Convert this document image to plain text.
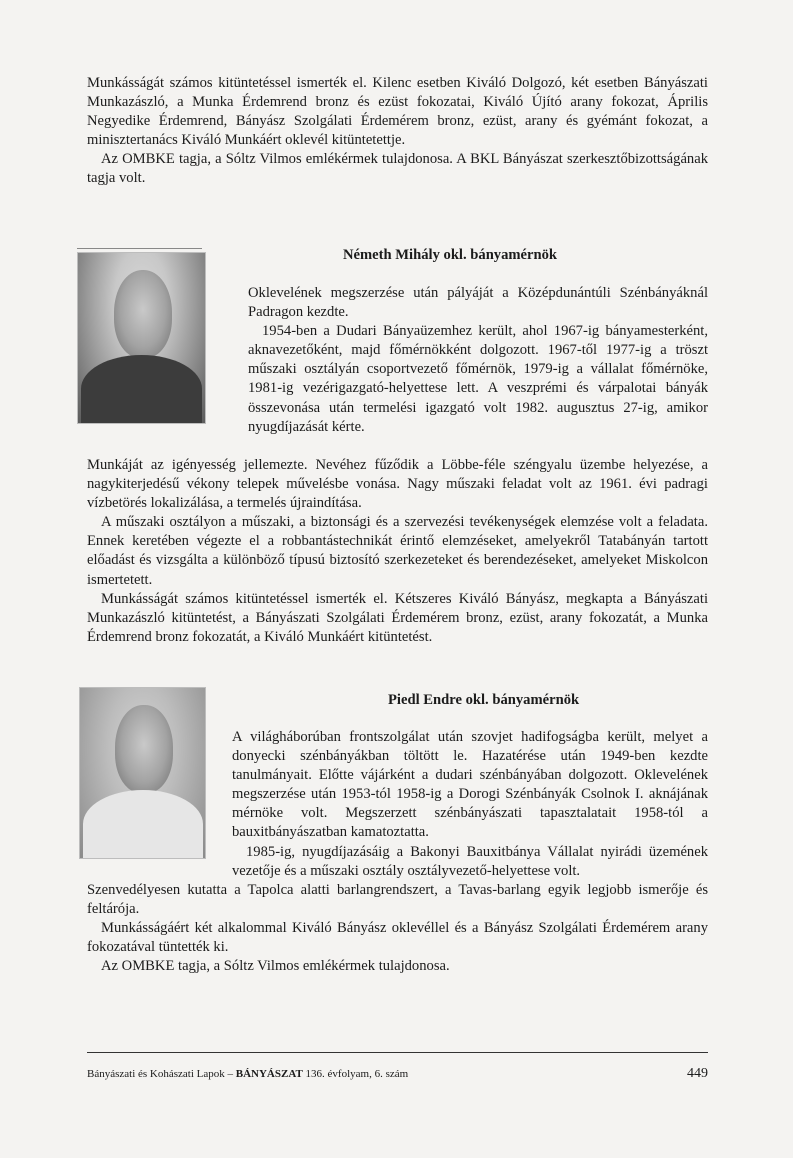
Munkásságát számos kitüntetéssel ismerték el. Kilenc esetben Kiváló Dolgozó, két esetben Bányászati Munkazászló, a Munka Érdemrend bronz és ezüst fokozatai, Kiváló Újító arany fokozat, Április Negyedike Érdemrend, Bányász Szolgálati Érdemérem bronz, ezüst, arany és gyémánt fokozat, a minisztertanács Kiváló Munkáért oklevél kitüntetettje.

Az OMBKE tagja, a Sóltz Vilmos emlékérmek tulajdonosa. A BKL Bányászat szerkesztőbizottságának tagja volt.

Németh Mihály okl. bányamérnök

Oklevelének megszerzése után pályáját a Középdunántúli Szénbányáknál Padragon kezdte.

1954-ben a Dudari Bányaüzemhez került, ahol 1967-ig bányamesterként, aknavezetőként, majd főmérnökként dolgozott. 1967-től 1977-ig a tröszt műszaki osztályán csoportvezető főmérnök, 1979-ig a vállalat főmérnöke, 1981-ig vezérigazgató-helyettese lett. A veszprémi és várpalotai bányák összevonása után termelési igazgató volt 1982. augusztus 27-ig, amikor nyugdíjazását kérte.

Munkáját az igényesség jellemezte. Nevéhez fűződik a Löbbe-féle széngyalu üzembe helyezése, a nagykiterjedésű vékony telepek művelésbe vonása. Nagy műszaki feladat volt az 1961. évi padragi vízbetörés lokalizálása, a termelés újraindítása.

A műszaki osztályon a műszaki, a biztonsági és a szervezési tevékenységek elemzése volt a feladata. Ennek keretében végezte el a robbantástechnikát érintő elemzéseket, amelyekről Tatabányán tartott előadást és vizsgálta a különböző típusú biztosító szerkezeteket és berendezéseket, amelyeket Miskolcon ismertetett.

Munkásságát számos kitüntetéssel ismerték el. Kétszeres Kiváló Bányász, megkapta a Bányászati Munkazászló kitüntetést, a Bányászati Szolgálati Érdemérem bronz, ezüst, arany fokozatát, a Munka Érdemrend bronz fokozatát, a Kiváló Munkáért kitüntetést.

Piedl Endre okl. bányamérnök

A világháborúban frontszolgálat után szovjet hadifogságba került, melyet a donyecki szénbányákban töltött le. Hazatérése után 1949-ben kezdte tanulmányait. Előtte vájárként a dudari szénbányában dolgozott. Oklevelének megszerzése után 1953-tól 1958-ig a Dorogi Szénbányák Csolnok I. aknájának mérnöke volt. Megszerzett szénbányászati tapasztalatait 1958-tól a bauxitbányászatban kamatoztatta.

1985-ig, nyugdíjazásáig a Bakonyi Bauxitbánya Vállalat nyirádi üzemének vezetője és a műszaki osztály osztályvezető-helyettese volt.

Szenvedélyesen kutatta a Tapolca alatti barlangrendszert, a Tavas-barlang egyik legjobb ismerője és feltárója.

Munkásságáért két alkalommal Kiváló Bányász oklevéllel és a Bányász Szolgálati Érdemérem arany fokozatával tüntették ki.

Az OMBKE tagja, a Sóltz Vilmos emlékérmek tulajdonosa.

Bányászati és Kohászati Lapok – BÁNYÁSZAT 136. évfolyam, 6. szám	449
